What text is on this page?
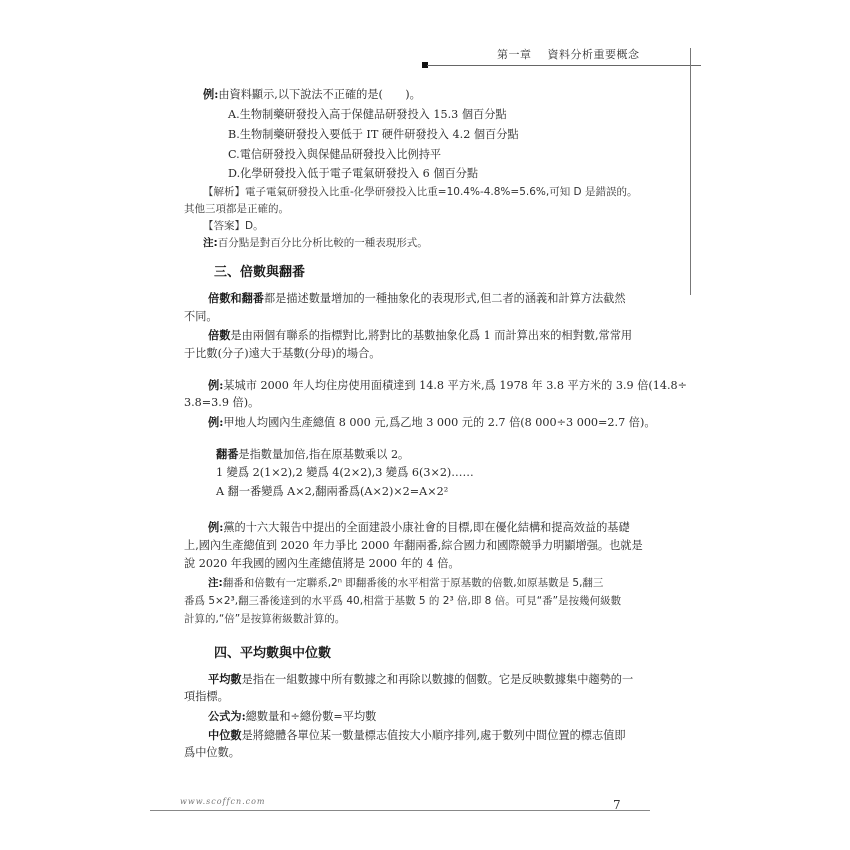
第一章 資料分析重要概念
例:由資料顯示,以下說法不正確的是(　　)。
A.生物制藥研發投入高于保健品研發投入 15.3 個百分點
B.生物制藥研發投入要低于 IT 硬件研發投入 4.2 個百分點
C.電信研發投入與保健品研發投入比例持平
D.化學研發投入低于電子電氣研發投入 6 個百分點
【解析】電子電氣研發投入比重-化學研發投入比重=10.4%-4.8%=5.6%,可知 D 是錯誤的。
其他三項都是正確的。
【答案】D。
注:百分點是對百分比分析比較的一種表現形式。
三、倍數與翻番
倍數和翻番都是描述數量增加的一種抽象化的表現形式,但二者的涵義和計算方法截然
不同。
倍數是由兩個有聯系的指標對比,將對比的基數抽象化爲 1 而計算出來的相對數,常常用
于比數(分子)遠大于基數(分母)的場合。
例:某城市 2000 年人均住房使用面積達到 14.8 平方米,爲 1978 年 3.8 平方米的 3.9 倍(14.8÷
3.8=3.9 倍)。
例:甲地人均國內生產總值 8 000 元,爲乙地 3 000 元的 2.7 倍(8 000÷3 000=2.7 倍)。
翻番是指數量加倍,指在原基數乘以 2。
1 變爲 2(1×2),2 變爲 4(2×2),3 變爲 6(3×2)……
A 翻一番變爲 A×2,翻兩番爲(A×2)×2=A×2²
例:黨的十六大報告中提出的全面建設小康社會的目標,即在優化結構和提高效益的基礎
上,國內生產總值到 2020 年力爭比 2000 年翻兩番,綜合國力和國際競爭力明顯增强。也就是
說 2020 年我國的國內生產總值將是 2000 年的 4 倍。
注:翻番和倍數有一定聯系,2ⁿ 即翻番後的水平相當于原基數的倍數,如原基數是 5,翻三
番爲 5×2³,翻三番後達到的水平爲 40,相當于基數 5 的 2³ 倍,即 8 倍。可見“番”是按幾何級數
計算的,“倍”是按算術級數計算的。
四、平均數與中位數
平均數是指在一組數據中所有數據之和再除以數據的個數。它是反映數據集中趨勢的一
項指標。
公式为:總數量和÷總份數=平均數
中位數是將總體各單位某一數量標志值按大小順序排列,處于數列中間位置的標志值即
爲中位數。
www.scoffcn.com	7
